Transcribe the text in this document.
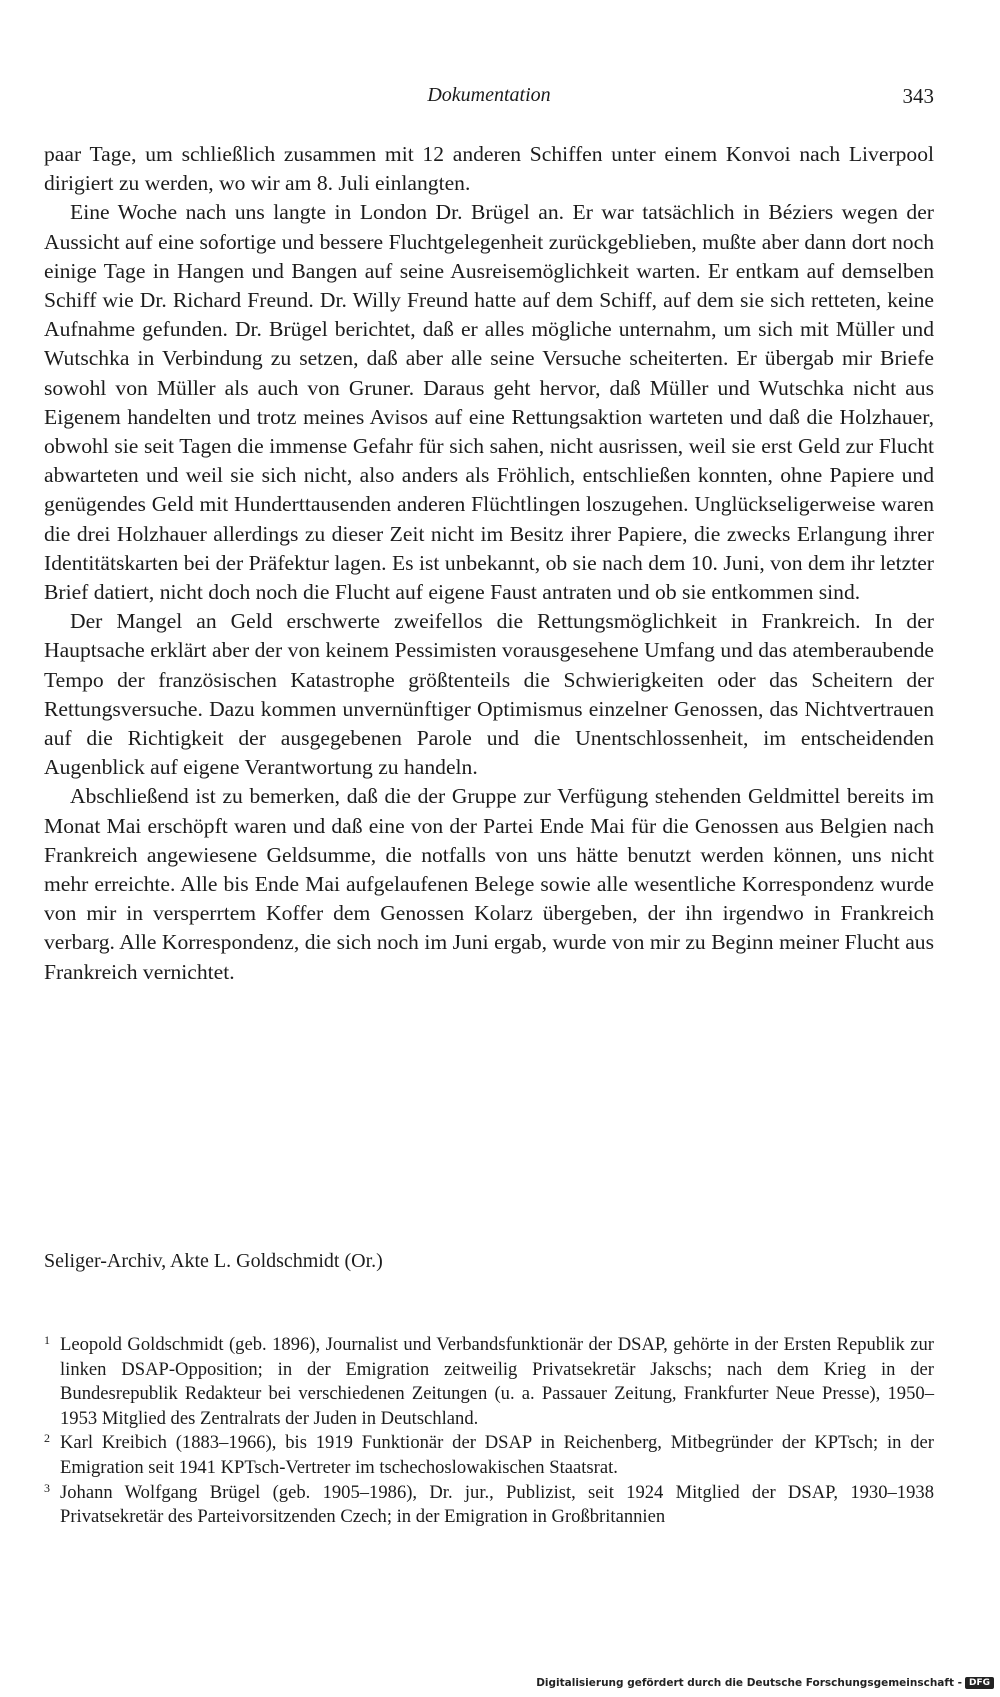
Dokumentation	343

paar Tage, um schließlich zusammen mit 12 anderen Schiffen unter einem Konvoi nach Liverpool dirigiert zu werden, wo wir am 8. Juli einlangten.

Eine Woche nach uns langte in London Dr. Brügel an. Er war tatsächlich in Béziers wegen der Aussicht auf eine sofortige und bessere Fluchtgelegenheit zurückgeblieben, mußte aber dann dort noch einige Tage in Hangen und Bangen auf seine Ausreisemöglichkeit warten. Er entkam auf demselben Schiff wie Dr. Richard Freund. Dr. Willy Freund hatte auf dem Schiff, auf dem sie sich retteten, keine Aufnahme gefunden. Dr. Brügel berichtet, daß er alles mögliche unternahm, um sich mit Müller und Wutschka in Verbindung zu setzen, daß aber alle seine Versuche scheiterten. Er übergab mir Briefe sowohl von Müller als auch von Gruner. Daraus geht hervor, daß Müller und Wutschka nicht aus Eigenem handelten und trotz meines Avisos auf eine Rettungsaktion warteten und daß die Holzhauer, obwohl sie seit Tagen die immense Gefahr für sich sahen, nicht ausrissen, weil sie erst Geld zur Flucht abwarteten und weil sie sich nicht, also anders als Fröhlich, entschließen konnten, ohne Papiere und genügendes Geld mit Hunderttausenden anderen Flüchtlingen loszugehen. Unglückseligerweise waren die drei Holzhauer allerdings zu dieser Zeit nicht im Besitz ihrer Papiere, die zwecks Erlangung ihrer Identitätskarten bei der Präfektur lagen. Es ist unbekannt, ob sie nach dem 10. Juni, von dem ihr letzter Brief datiert, nicht doch noch die Flucht auf eigene Faust antraten und ob sie entkommen sind.

Der Mangel an Geld erschwerte zweifellos die Rettungsmöglichkeit in Frankreich. In der Hauptsache erklärt aber der von keinem Pessimisten vorausgesehene Umfang und das atemberaubende Tempo der französischen Katastrophe größtenteils die Schwierigkeiten oder das Scheitern der Rettungsversuche. Dazu kommen unvernünftiger Optimismus einzelner Genossen, das Nichtvertrauen auf die Richtigkeit der ausgegebenen Parole und die Unentschlossenheit, im entscheidenden Augenblick auf eigene Verantwortung zu handeln.

Abschließend ist zu bemerken, daß die der Gruppe zur Verfügung stehenden Geldmittel bereits im Monat Mai erschöpft waren und daß eine von der Partei Ende Mai für die Genossen aus Belgien nach Frankreich angewiesene Geldsumme, die notfalls von uns hätte benutzt werden können, uns nicht mehr erreichte. Alle bis Ende Mai aufgelaufenen Belege sowie alle wesentliche Korrespondenz wurde von mir in versperrtem Koffer dem Genossen Kolarz übergeben, der ihn irgendwo in Frankreich verbarg. Alle Korrespondenz, die sich noch im Juni ergab, wurde von mir zu Beginn meiner Flucht aus Frankreich vernichtet.

Seliger-Archiv, Akte L. Goldschmidt (Or.)

1 Leopold Goldschmidt (geb. 1896), Journalist und Verbandsfunktionär der DSAP, gehörte in der Ersten Republik zur linken DSAP-Opposition; in der Emigration zeitweilig Privatsekretär Jakschs; nach dem Krieg in der Bundesrepublik Redakteur bei verschiedenen Zeitungen (u. a. Passauer Zeitung, Frankfurter Neue Presse), 1950–1953 Mitglied des Zentralrats der Juden in Deutschland.

2 Karl Kreibich (1883–1966), bis 1919 Funktionär der DSAP in Reichenberg, Mitbegründer der KPTsch; in der Emigration seit 1941 KPTsch-Vertreter im tschechoslowakischen Staatsrat.

3 Johann Wolfgang Brügel (geb. 1905–1986), Dr. jur., Publizist, seit 1924 Mitglied der DSAP, 1930–1938 Privatsekretär des Parteivorsitzenden Czech; in der Emigration in Großbritannien

Digitalisierung gefördert durch die Deutsche Forschungsgemeinschaft - DFG
